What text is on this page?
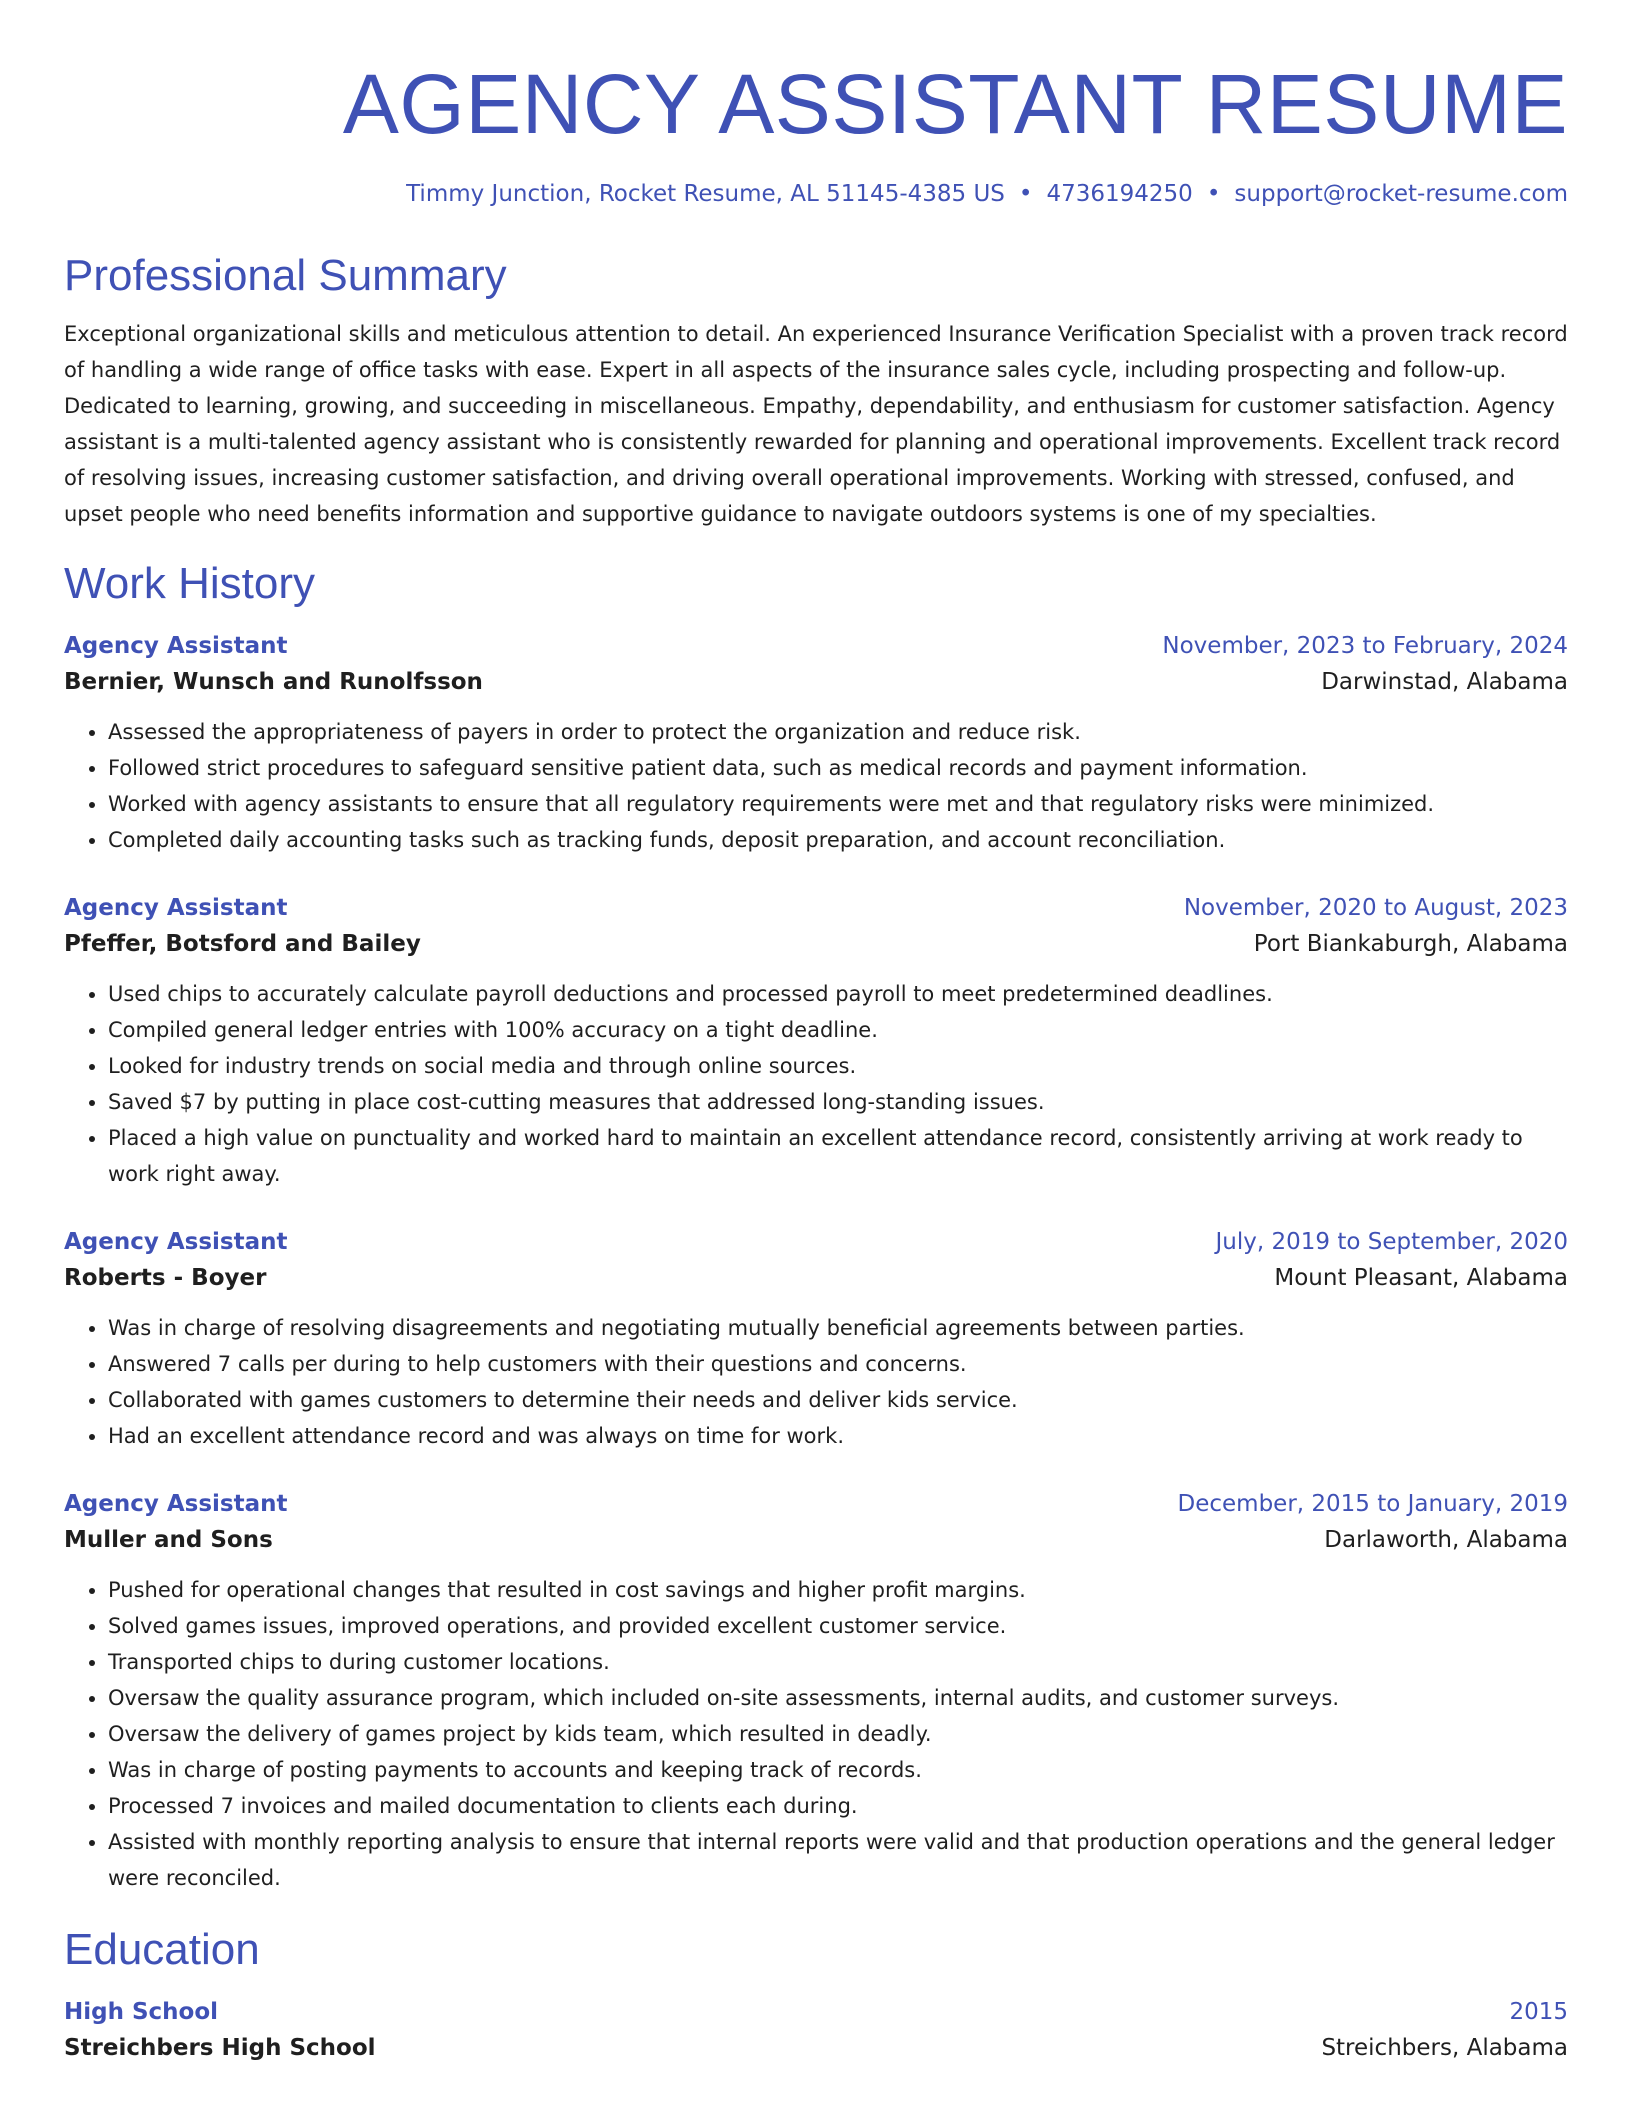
AGENCY ASSISTANT RESUME
Timmy Junction, Rocket Resume, AL 51145-4385 US • 4736194250 • support@rocket-resume.com
Professional Summary
Exceptional organizational skills and meticulous attention to detail. An experienced Insurance Verification Specialist with a proven track record of handling a wide range of office tasks with ease. Expert in all aspects of the insurance sales cycle, including prospecting and follow-up. Dedicated to learning, growing, and succeeding in miscellaneous. Empathy, dependability, and enthusiasm for customer satisfaction. Agency assistant is a multi-talented agency assistant who is consistently rewarded for planning and operational improvements. Excellent track record of resolving issues, increasing customer satisfaction, and driving overall operational improvements. Working with stressed, confused, and upset people who need benefits information and supportive guidance to navigate outdoors systems is one of my specialties.
Work History
Agency Assistant	November, 2023 to February, 2024
Bernier, Wunsch and Runolfsson	Darwinstad, Alabama
• Assessed the appropriateness of payers in order to protect the organization and reduce risk.
• Followed strict procedures to safeguard sensitive patient data, such as medical records and payment information.
• Worked with agency assistants to ensure that all regulatory requirements were met and that regulatory risks were minimized.
• Completed daily accounting tasks such as tracking funds, deposit preparation, and account reconciliation.
Agency Assistant	November, 2020 to August, 2023
Pfeffer, Botsford and Bailey	Port Biankaburgh, Alabama
• Used chips to accurately calculate payroll deductions and processed payroll to meet predetermined deadlines.
• Compiled general ledger entries with 100% accuracy on a tight deadline.
• Looked for industry trends on social media and through online sources.
• Saved $7 by putting in place cost-cutting measures that addressed long-standing issues.
• Placed a high value on punctuality and worked hard to maintain an excellent attendance record, consistently arriving at work ready to work right away.
Agency Assistant	July, 2019 to September, 2020
Roberts - Boyer	Mount Pleasant, Alabama
• Was in charge of resolving disagreements and negotiating mutually beneficial agreements between parties.
• Answered 7 calls per during to help customers with their questions and concerns.
• Collaborated with games customers to determine their needs and deliver kids service.
• Had an excellent attendance record and was always on time for work.
Agency Assistant	December, 2015 to January, 2019
Muller and Sons	Darlaworth, Alabama
• Pushed for operational changes that resulted in cost savings and higher profit margins.
• Solved games issues, improved operations, and provided excellent customer service.
• Transported chips to during customer locations.
• Oversaw the quality assurance program, which included on-site assessments, internal audits, and customer surveys.
• Oversaw the delivery of games project by kids team, which resulted in deadly.
• Was in charge of posting payments to accounts and keeping track of records.
• Processed 7 invoices and mailed documentation to clients each during.
• Assisted with monthly reporting analysis to ensure that internal reports were valid and that production operations and the general ledger were reconciled.
Education
High School	2015
Streichbers High School	Streichbers, Alabama
